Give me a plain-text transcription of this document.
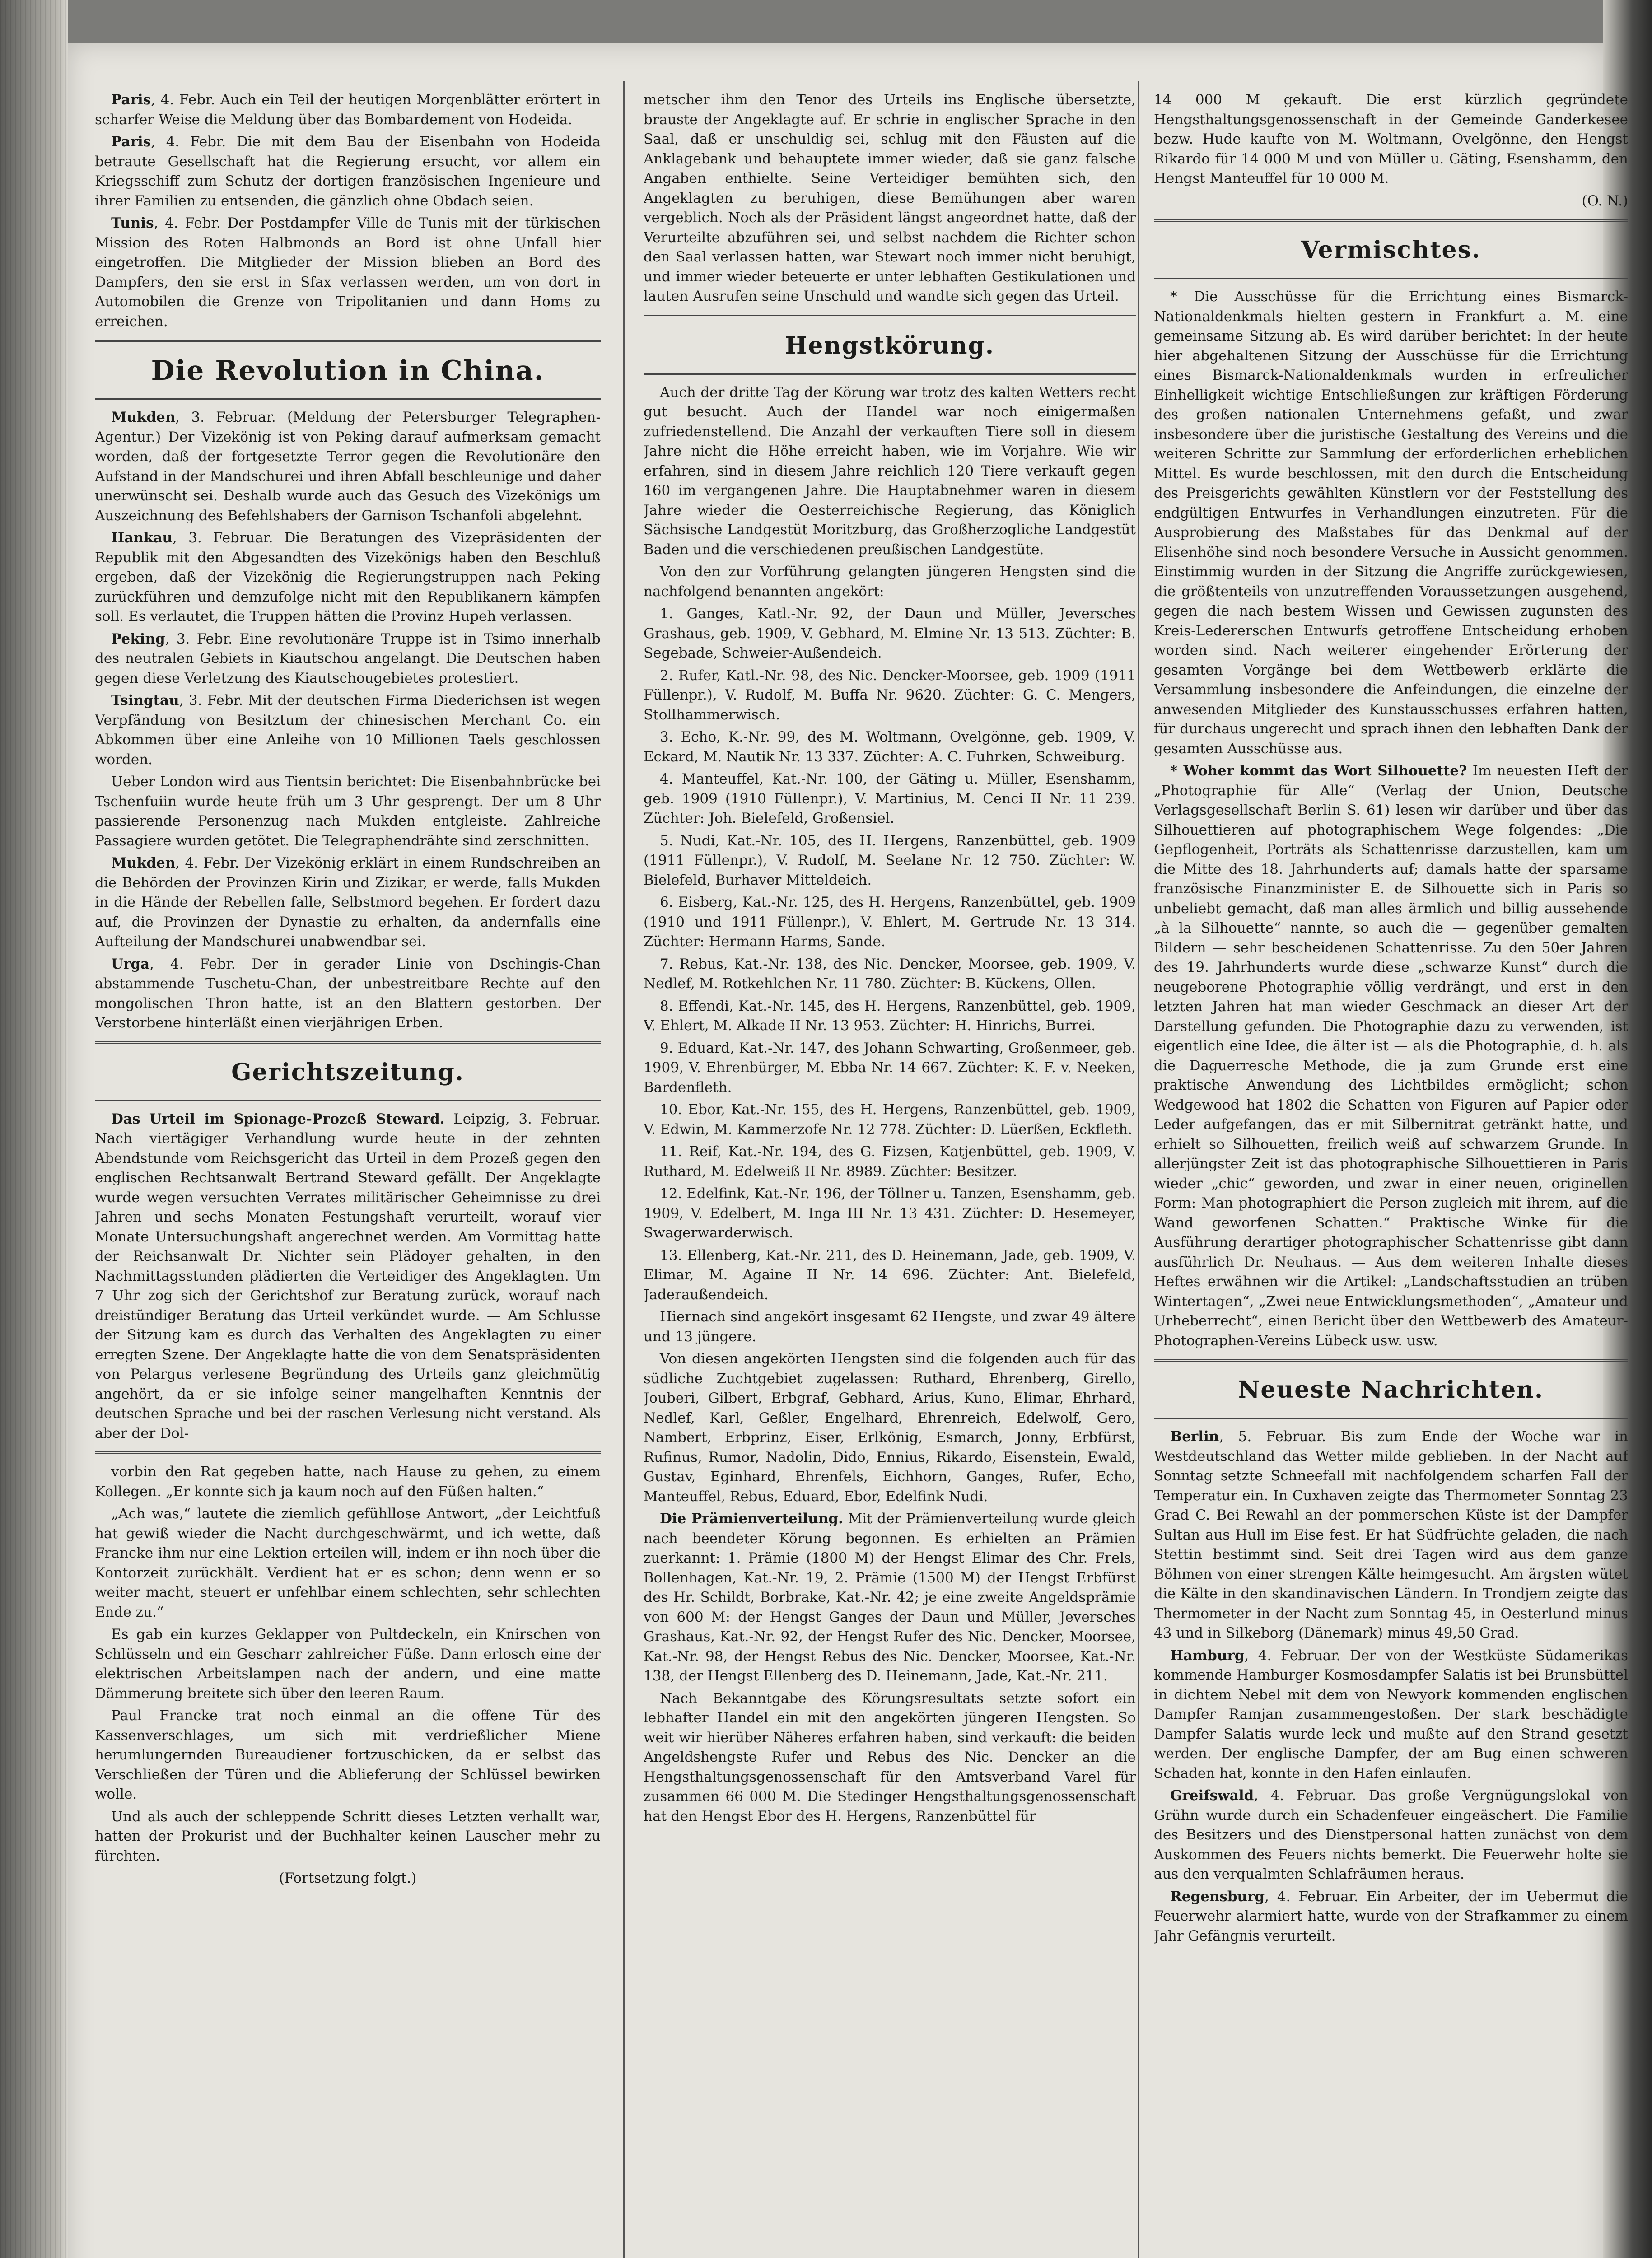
Paris, 4. Febr. Auch ein Teil der heutigen Morgenblätter erörtert in scharfer Weise die Meldung über das Bombardement von Hodeida.

Paris, 4. Febr. Die mit dem Bau der Eisenbahn von Hodeida betraute Gesellschaft hat die Regierung ersucht, vor allem ein Kriegsschiff zum Schutz der dortigen französischen Ingenieure und ihrer Familien zu entsenden, die gänzlich ohne Obdach seien.

Tunis, 4. Febr. Der Postdampfer Ville de Tunis mit der türkischen Mission des Roten Halbmonds an Bord ist ohne Unfall hier eingetroffen. Die Mitglieder der Mission blieben an Bord des Dampfers, den sie erst in Sfax verlassen werden, um von dort in Automobilen die Grenze von Tripolitanien und dann Homs zu erreichen.

Die Revolution in China.

Mukden, 3. Februar. (Meldung der Petersburger Telegraphen-Agentur.) Der Vizekönig ist von Peking darauf aufmerksam gemacht worden, daß der fortgesetzte Terror gegen die Revolutionäre den Aufstand in der Mandschurei und ihren Abfall beschleunige und daher unerwünscht sei. Deshalb wurde auch das Gesuch des Vizekönigs um Auszeichnung des Befehlshabers der Garnison Tschanfoli abgelehnt.

Hankau, 3. Februar. Die Beratungen des Vizepräsidenten der Republik mit den Abgesandten des Vizekönigs haben den Beschluß ergeben, daß der Vizekönig die Regierungstruppen nach Peking zurückführen und demzufolge nicht mit den Republikanern kämpfen soll. Es verlautet, die Truppen hätten die Provinz Hupeh verlassen.

Peking, 3. Febr. Eine revolutionäre Truppe ist in Tsimo innerhalb des neutralen Gebiets in Kiautschou angelangt. Die Deutschen haben gegen diese Verletzung des Kiautschougebietes protestiert.

Tsingtau, 3. Febr. Mit der deutschen Firma Diederichsen ist wegen Verpfändung von Besitztum der chinesischen Merchant Co. ein Abkommen über eine Anleihe von 10 Millionen Taels geschlossen worden.

Ueber London wird aus Tientsin berichtet: Die Eisenbahnbrücke bei Tschenfuiin wurde heute früh um 3 Uhr gesprengt. Der um 8 Uhr passierende Personenzug nach Mukden entgleiste. Zahlreiche Passagiere wurden getötet. Die Telegraphendrähte sind zerschnitten.

Mukden, 4. Febr. Der Vizekönig erklärt in einem Rundschreiben an die Behörden der Provinzen Kirin und Zizikar, er werde, falls Mukden in die Hände der Rebellen falle, Selbstmord begehen. Er fordert dazu auf, die Provinzen der Dynastie zu erhalten, da andernfalls eine Aufteilung der Mandschurei unabwendbar sei.

Urga, 4. Febr. Der in gerader Linie von Dschingis-Chan abstammende Tuschetu-Chan, der unbestreitbare Rechte auf den mongolischen Thron hatte, ist an den Blattern gestorben. Der Verstorbene hinterläßt einen vierjährigen Erben.

Gerichtszeitung.

Das Urteil im Spionage-Prozeß Steward. Leipzig, 3. Februar. Nach viertägiger Verhandlung wurde heute in der zehnten Abendstunde vom Reichsgericht das Urteil in dem Prozeß gegen den englischen Rechtsanwalt Bertrand Steward gefällt. Der Angeklagte wurde wegen versuchten Verrates militärischer Geheimnisse zu drei Jahren und sechs Monaten Festungshaft verurteilt, worauf vier Monate Untersuchungshaft angerechnet werden. Am Vormittag hatte der Reichsanwalt Dr. Nichter sein Plädoyer gehalten, in den Nachmittagsstunden plädierten die Verteidiger des Angeklagten. Um 7 Uhr zog sich der Gerichtshof zur Beratung zurück, worauf nach dreistündiger Beratung das Urteil verkündet wurde. — Am Schlusse der Sitzung kam es durch das Verhalten des Angeklagten zu einer erregten Szene. Der Angeklagte hatte die von dem Senatspräsidenten von Pelargus verlesene Begründung des Urteils ganz gleichmütig angehört, da er sie infolge seiner mangelhaften Kenntnis der deutschen Sprache und bei der raschen Verlesung nicht verstand. Als aber der Dol-

vorbin den Rat gegeben hatte, nach Hause zu gehen, zu einem Kollegen. „Er konnte sich ja kaum noch auf den Füßen halten.“

„Ach was,“ lautete die ziemlich gefühllose Antwort, „der Leichtfuß hat gewiß wieder die Nacht durchgeschwärmt, und ich wette, daß Francke ihm nur eine Lektion erteilen will, indem er ihn noch über die Kontorzeit zurückhält. Verdient hat er es schon; denn wenn er so weiter macht, steuert er unfehlbar einem schlechten, sehr schlechten Ende zu.“

Es gab ein kurzes Geklapper von Pultdeckeln, ein Knirschen von Schlüsseln und ein Gescharr zahlreicher Füße. Dann erlosch eine der elektrischen Arbeitslampen nach der andern, und eine matte Dämmerung breitete sich über den leeren Raum.

Paul Francke trat noch einmal an die offene Tür des Kassenverschlages, um sich mit verdrießlicher Miene herumlungernden Bureaudiener fortzuschicken, da er selbst das Verschließen der Türen und die Ablieferung der Schlüssel bewirken wolle.

Und als auch der schleppende Schritt dieses Letzten verhallt war, hatten der Prokurist und der Buchhalter keinen Lauscher mehr zu fürchten.

(Fortsetzung folgt.)

metscher ihm den Tenor des Urteils ins Englische übersetzte, brauste der Angeklagte auf. Er schrie in englischer Sprache in den Saal, daß er unschuldig sei, schlug mit den Fäusten auf die Anklagebank und behauptete immer wieder, daß sie ganz falsche Angaben enthielte. Seine Verteidiger bemühten sich, den Angeklagten zu beruhigen, diese Bemühungen aber waren vergeblich. Noch als der Präsident längst angeordnet hatte, daß der Verurteilte abzuführen sei, und selbst nachdem die Richter schon den Saal verlassen hatten, war Stewart noch immer nicht beruhigt, und immer wieder beteuerte er unter lebhaften Gestikulationen und lauten Ausrufen seine Unschuld und wandte sich gegen das Urteil.

Hengstkörung.

Auch der dritte Tag der Körung war trotz des kalten Wetters recht gut besucht. Auch der Handel war noch einigermaßen zufriedenstellend. Die Anzahl der verkauften Tiere soll in diesem Jahre nicht die Höhe erreicht haben, wie im Vorjahre. Wie wir erfahren, sind in diesem Jahre reichlich 120 Tiere verkauft gegen 160 im vergangenen Jahre. Die Hauptabnehmer waren in diesem Jahre wieder die Oesterreichische Regierung, das Königlich Sächsische Landgestüt Moritzburg, das Großherzogliche Landgestüt Baden und die verschiedenen preußischen Landgestüte.

Von den zur Vorführung gelangten jüngeren Hengsten sind die nachfolgend benannten angekört:

1. Ganges, Katl.-Nr. 92, der Daun und Müller, Jeversches Grashaus, geb. 1909, V. Gebhard, M. Elmine Nr. 13 513. Züchter: B. Segebade, Schweier-Außendeich.

2. Rufer, Katl.-Nr. 98, des Nic. Dencker-Moorsee, geb. 1909 (1911 Füllenpr.), V. Rudolf, M. Buffa Nr. 9620. Züchter: G. C. Mengers, Stollhammerwisch.

3. Echo, K.-Nr. 99, des M. Woltmann, Ovelgönne, geb. 1909, V. Eckard, M. Nautik Nr. 13 337. Züchter: A. C. Fuhrken, Schweiburg.

4. Manteuffel, Kat.-Nr. 100, der Gäting u. Müller, Esenshamm, geb. 1909 (1910 Füllenpr.), V. Martinius, M. Cenci II Nr. 11 239. Züchter: Joh. Bielefeld, Großensiel.

5. Nudi, Kat.-Nr. 105, des H. Hergens, Ranzenbüttel, geb. 1909 (1911 Füllenpr.), V. Rudolf, M. Seelane Nr. 12 750. Züchter: W. Bielefeld, Burhaver Mitteldeich.

6. Eisberg, Kat.-Nr. 125, des H. Hergens, Ranzenbüttel, geb. 1909 (1910 und 1911 Füllenpr.), V. Ehlert, M. Gertrude Nr. 13 314. Züchter: Hermann Harms, Sande.

7. Rebus, Kat.-Nr. 138, des Nic. Dencker, Moorsee, geb. 1909, V. Nedlef, M. Rotkehlchen Nr. 11 780. Züchter: B. Kückens, Ollen.

8. Effendi, Kat.-Nr. 145, des H. Hergens, Ranzenbüttel, geb. 1909, V. Ehlert, M. Alkade II Nr. 13 953. Züchter: H. Hinrichs, Burrei.

9. Eduard, Kat.-Nr. 147, des Johann Schwarting, Großenmeer, geb. 1909, V. Ehrenbürger, M. Ebba Nr. 14 667. Züchter: K. F. v. Neeken, Bardenfleth.

10. Ebor, Kat.-Nr. 155, des H. Hergens, Ranzenbüttel, geb. 1909, V. Edwin, M. Kammerzofe Nr. 12 778. Züchter: D. Lüerßen, Eckfleth.

11. Reif, Kat.-Nr. 194, des G. Fizsen, Katjenbüttel, geb. 1909, V. Ruthard, M. Edelweiß II Nr. 8989. Züchter: Besitzer.

12. Edelfink, Kat.-Nr. 196, der Töllner u. Tanzen, Esenshamm, geb. 1909, V. Edelbert, M. Inga III Nr. 13 431. Züchter: D. Hesemeyer, Swagerwarderwisch.

13. Ellenberg, Kat.-Nr. 211, des D. Heinemann, Jade, geb. 1909, V. Elimar, M. Againe II Nr. 14 696. Züchter: Ant. Bielefeld, Jaderaußendeich.

Hiernach sind angekört insgesamt 62 Hengste, und zwar 49 ältere und 13 jüngere.

Von diesen angekörten Hengsten sind die folgenden auch für das südliche Zuchtgebiet zugelassen: Ruthard, Ehrenberg, Girello, Jouberi, Gilbert, Erbgraf, Gebhard, Arius, Kuno, Elimar, Ehrhard, Nedlef, Karl, Geßler, Engelhard, Ehrenreich, Edelwolf, Gero, Nambert, Erbprinz, Eiser, Erlkönig, Esmarch, Jonny, Erbfürst, Rufinus, Rumor, Nadolin, Dido, Ennius, Rikardo, Eisenstein, Ewald, Gustav, Eginhard, Ehrenfels, Eichhorn, Ganges, Rufer, Echo, Manteuffel, Rebus, Eduard, Ebor, Edelfink Nudi.

Die Prämienverteilung. Mit der Prämienverteilung wurde gleich nach beendeter Körung begonnen. Es erhielten an Prämien zuerkannt: 1. Prämie (1800 M) der Hengst Elimar des Chr. Frels, Bollenhagen, Kat.-Nr. 19, 2. Prämie (1500 M) der Hengst Erbfürst des Hr. Schildt, Borbrake, Kat.-Nr. 42; je eine zweite Angeldsprämie von 600 M: der Hengst Ganges der Daun und Müller, Jeversches Grashaus, Kat.-Nr. 92, der Hengst Rufer des Nic. Dencker, Moorsee, Kat.-Nr. 98, der Hengst Rebus des Nic. Dencker, Moorsee, Kat.-Nr. 138, der Hengst Ellenberg des D. Heinemann, Jade, Kat.-Nr. 211.

Nach Bekanntgabe des Körungsresultats setzte sofort ein lebhafter Handel ein mit den angekörten jüngeren Hengsten. So weit wir hierüber Näheres erfahren haben, sind verkauft: die beiden Angeldshengste Rufer und Rebus des Nic. Dencker an die Hengsthaltungsgenossenschaft für den Amtsverband Varel für zusammen 66 000 M. Die Stedinger Hengsthaltungsgenossenschaft hat den Hengst Ebor des H. Hergens, Ranzenbüttel für

14 000 M gekauft. Die erst kürzlich gegründete Hengsthaltungsgenossenschaft in der Gemeinde Ganderkesee bezw. Hude kaufte von M. Woltmann, Ovelgönne, den Hengst Rikardo für 14 000 M und von Müller u. Gäting, Esenshamm, den Hengst Manteuffel für 10 000 M.

(O. N.)

Vermischtes.

* Die Ausschüsse für die Errichtung eines Bismarck-Nationaldenkmals hielten gestern in Frankfurt a. M. eine gemeinsame Sitzung ab. Es wird darüber berichtet: In der heute hier abgehaltenen Sitzung der Ausschüsse für die Errichtung eines Bismarck-Nationaldenkmals wurden in erfreulicher Einhelligkeit wichtige Entschließungen zur kräftigen Förderung des großen nationalen Unternehmens gefaßt, und zwar insbesondere über die juristische Gestaltung des Vereins und die weiteren Schritte zur Sammlung der erforderlichen erheblichen Mittel. Es wurde beschlossen, mit den durch die Entscheidung des Preisgerichts gewählten Künstlern vor der Feststellung des endgültigen Entwurfes in Verhandlungen einzutreten. Für die Ausprobierung des Maßstabes für das Denkmal auf der Elisenhöhe sind noch besondere Versuche in Aussicht genommen. Einstimmig wurden in der Sitzung die Angriffe zurückgewiesen, die größtenteils von unzutreffenden Voraussetzungen ausgehend, gegen die nach bestem Wissen und Gewissen zugunsten des Kreis-Ledererschen Entwurfs getroffene Entscheidung erhoben worden sind. Nach weiterer eingehender Erörterung der gesamten Vorgänge bei dem Wettbewerb erklärte die Versammlung insbesondere die Anfeindungen, die einzelne der anwesenden Mitglieder des Kunstausschusses erfahren hatten, für durchaus ungerecht und sprach ihnen den lebhaften Dank der gesamten Ausschüsse aus.

* Woher kommt das Wort Silhouette? Im neuesten Heft der „Photographie für Alle“ (Verlag der Union, Deutsche Verlagsgesellschaft Berlin S. 61) lesen wir darüber und über das Silhouettieren auf photographischem Wege folgendes: „Die Gepflogenheit, Porträts als Schattenrisse darzustellen, kam um die Mitte des 18. Jahrhunderts auf; damals hatte der sparsame französische Finanzminister E. de Silhouette sich in Paris so unbeliebt gemacht, daß man alles ärmlich und billig aussehende „à la Silhouette“ nannte, so auch die — gegenüber gemalten Bildern — sehr bescheidenen Schattenrisse. Zu den 50er Jahren des 19. Jahrhunderts wurde diese „schwarze Kunst“ durch die neugeborene Photographie völlig verdrängt, und erst in den letzten Jahren hat man wieder Geschmack an dieser Art der Darstellung gefunden. Die Photographie dazu zu verwenden, ist eigentlich eine Idee, die älter ist — als die Photographie, d. h. als die Daguerresche Methode, die ja zum Grunde erst eine praktische Anwendung des Lichtbildes ermöglicht; schon Wedgewood hat 1802 die Schatten von Figuren auf Papier oder Leder aufgefangen, das er mit Silbernitrat getränkt hatte, und erhielt so Silhouetten, freilich weiß auf schwarzem Grunde. In allerjüngster Zeit ist das photographische Silhouettieren in Paris wieder „chic“ geworden, und zwar in einer neuen, originellen Form: Man photographiert die Person zugleich mit ihrem, auf die Wand geworfenen Schatten.“ Praktische Winke für die Ausführung derartiger photographischer Schattenrisse gibt dann ausführlich Dr. Neuhaus. — Aus dem weiteren Inhalte dieses Heftes erwähnen wir die Artikel: „Landschaftsstudien an trüben Wintertagen“, „Zwei neue Entwicklungsmethoden“, „Amateur und Urheberrecht“, einen Bericht über den Wettbewerb des Amateur-Photographen-Vereins Lübeck usw. usw.

Neueste Nachrichten.

Berlin, 5. Februar. Bis zum Ende der Woche war in Westdeutschland das Wetter milde geblieben. In der Nacht auf Sonntag setzte Schneefall mit nachfolgendem scharfen Fall der Temperatur ein. In Cuxhaven zeigte das Thermometer Sonntag 23 Grad C. Bei Rewahl an der pommerschen Küste ist der Dampfer Sultan aus Hull im Eise fest. Er hat Südfrüchte geladen, die nach Stettin bestimmt sind. Seit drei Tagen wird aus dem ganze Böhmen von einer strengen Kälte heimgesucht. Am ärgsten wütet die Kälte in den skandinavischen Ländern. In Trondjem zeigte das Thermometer in der Nacht zum Sonntag 45, in Oesterlund minus 43 und in Silkeborg (Dänemark) minus 49,50 Grad.

Hamburg, 4. Februar. Der von der Westküste Südamerikas kommende Hamburger Kosmosdampfer Salatis ist bei Brunsbüttel in dichtem Nebel mit dem von Newyork kommenden englischen Dampfer Ramjan zusammengestoßen. Der stark beschädigte Dampfer Salatis wurde leck und mußte auf den Strand gesetzt werden. Der englische Dampfer, der am Bug einen schweren Schaden hat, konnte in den Hafen einlaufen.

Greifswald, 4. Februar. Das große Vergnügungslokal von Grühn wurde durch ein Schadenfeuer eingeäschert. Die Familie des Besitzers und des Dienstpersonal hatten zunächst von dem Auskommen des Feuers nichts bemerkt. Die Feuerwehr holte sie aus den verqualmten Schlafräumen heraus.

Regensburg, 4. Februar. Ein Arbeiter, der im Uebermut die Feuerwehr alarmiert hatte, wurde von der Strafkammer zu einem Jahr Gefängnis verurteilt.
